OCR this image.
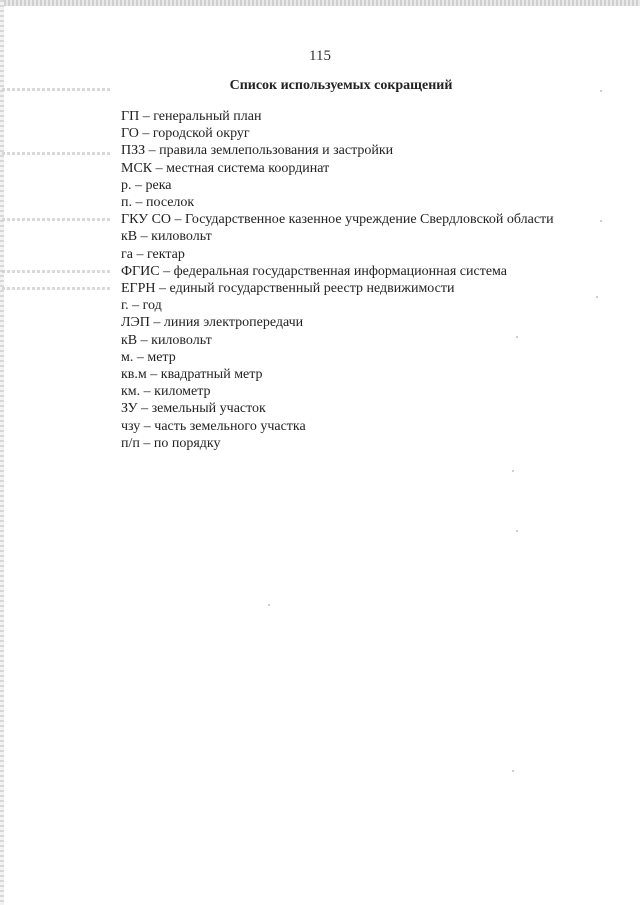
115
Список используемых сокращений
ГП – генеральный план
ГО – городской округ
ПЗЗ – правила землепользования и застройки
МСК – местная система координат
р. – река
п. – поселок
ГКУ СО – Государственное казенное учреждение Свердловской области
кВ – киловольт
га – гектар
ФГИС – федеральная государственная информационная система
ЕГРН – единый государственный реестр недвижимости
г. – год
ЛЭП – линия электропередачи
кВ – киловольт
м. – метр
кв.м – квадратный метр
км. – километр
ЗУ – земельный участок
чзу – часть земельного участка
п/п – по порядку
